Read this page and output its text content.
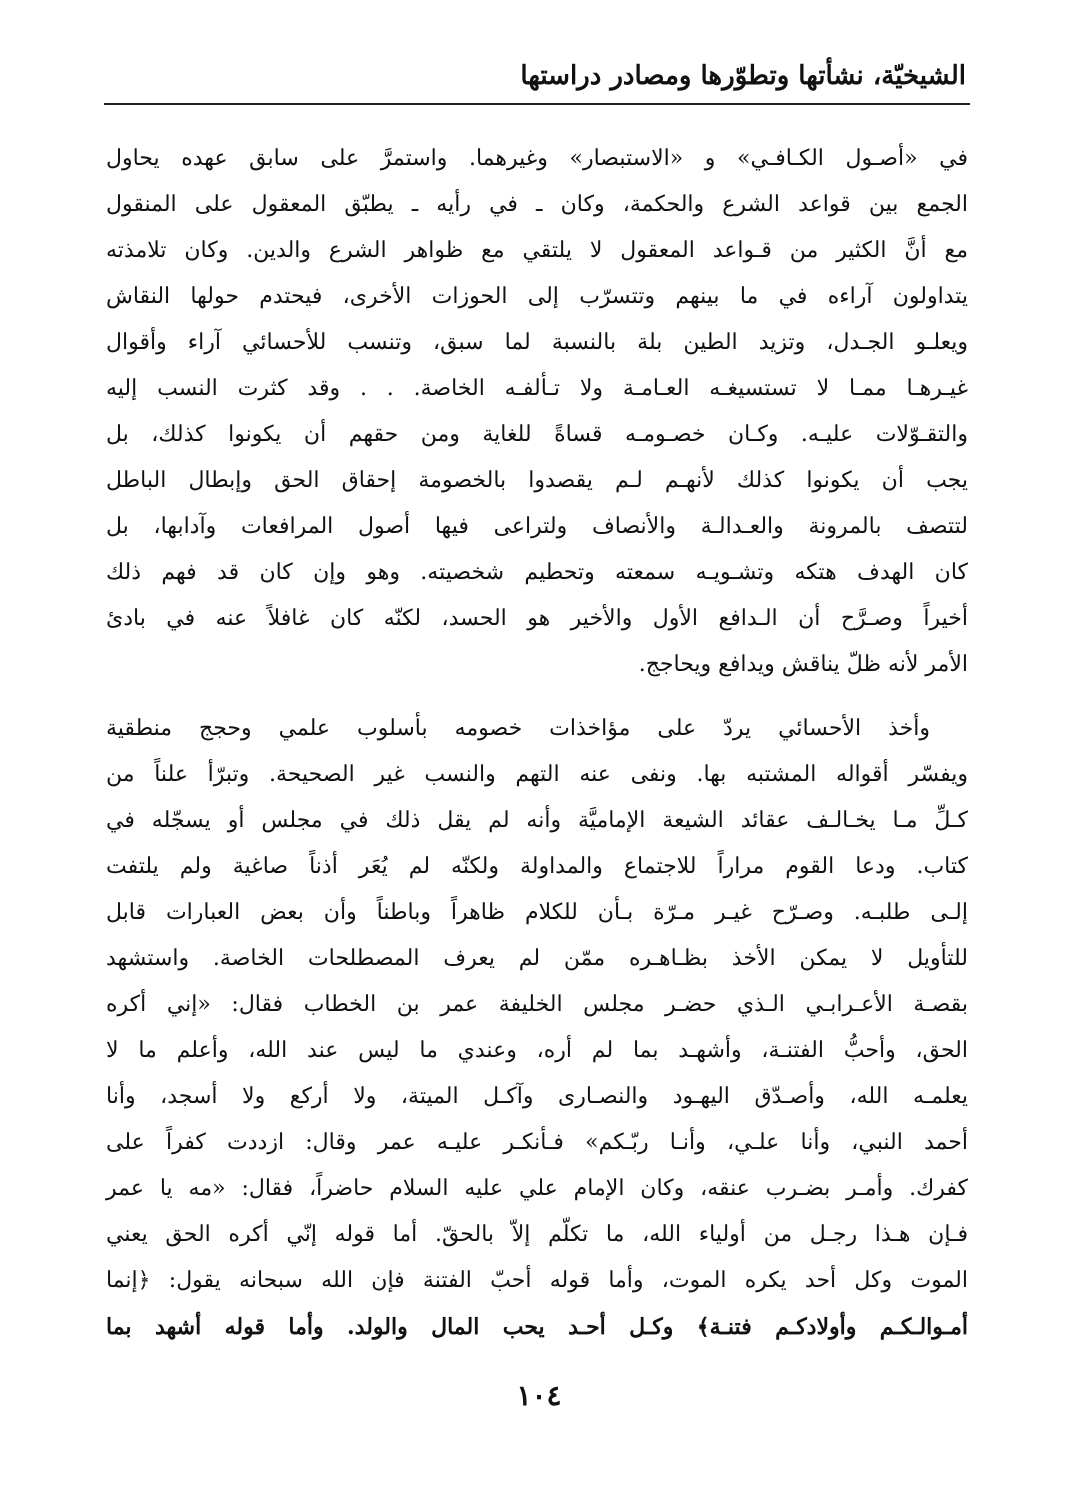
الشيخيّة، نشأتها وتطوّرها ومصادر دراستها
في «أصـول الكـافـي» و «الاستبصار» وغيرهما. واستمرَّ على سابق عهده يحاول
الجمع بين قواعد الشرع والحكمة، وكان ـ في رأيه ـ يطبّق المعقول على المنقول
مع أنَّ الكثير من قـواعد المعقول لا يلتقي مع ظواهر الشرع والدين. وكان تلامذته
يتداولون آراءه في ما بينهم وتتسرّب إلى الحوزات الأخرى، فيحتدم حولها النقاش
ويعلـو الجـدل، وتزيد الطين بلة بالنسبة لما سبق، وتنسب للأحسائي آراء وأقوال
غيـرهـا ممـا لا تستسيغـه العـامـة ولا تـألفـه الخاصة. . . وقد كثرت النسب إليه
والتقـوّلات عليـه. وكـان خصـومـه قساةً للغاية ومن حقهم أن يكونوا كذلك، بل
يجب أن يكونوا كذلك لأنهـم لـم يقصدوا بالخصومة إحقاق الحق وإبطال الباطل
لتتصف بالمرونة والعـدالـة والأنصاف ولتراعى فيها أصول المرافعات وآدابها، بل
كان الهدف هتكه وتشـويـه سمعته وتحطيم شخصيته. وهو وإن كان قد فهم ذلك
أخيراً وصـرَّح أن الـدافع الأول والأخير هو الحسد، لكنّه كان غافلاً عنه في بادئ
الأمر لأنه ظلّ يناقش ويدافع ويحاجج.
وأخذ الأحسائي يردّ على مؤاخذات خصومه بأسلوب علمي وحجج منطقية
ويفسّر أقواله المشتبه بها. ونفى عنه التهم والنسب غير الصحيحة. وتبرّأ علناً من
كـلِّ مـا يخـالـف عقائد الشيعة الإماميَّة وأنه لم يقل ذلك في مجلس أو يسجّله في
كتاب. ودعا القوم مراراً للاجتماع والمداولة ولكنّه لم يُعَر أذناً صاغية ولم يلتفت
إلـى طلبـه. وصـرّح غيـر مـرّة بـأن للكلام ظاهراً وباطناً وأن بعض العبارات قابل
للتأويل لا يمكن الأخذ بظـاهـره ممّن لم يعرف المصطلحات الخاصة. واستشهد
بقصـة الأعـرابـي الـذي حضـر مجلس الخليفة عمر بن الخطاب فقال: «إني أكره
الحق، وأحبُّ الفتنـة، وأشهـد بما لم أره، وعندي ما ليس عند الله، وأعلم ما لا
يعلمـه الله، وأصـدّق اليهـود والنصـارى وآكـل الميتة، ولا أركع ولا أسجد، وأنا
أحمد النبي، وأنا علـي، وأنـا ربّـكم» فـأنكـر عليـه عمر وقال: ازددت كفراً على
كفرك. وأمـر بضـرب عنقه، وكان الإمام علي عليه السلام حاضراً، فقال: «مه يا عمر
فـإن هـذا رجـل من أولياء الله، ما تكلّم إلاّ بالحقّ. أما قوله إنّي أكره الحق يعني
الموت وكل أحد يكره الموت، وأما قوله أحبّ الفتنة فإن الله سبحانه يقول: ﴿إنما
أمـوالـكـم وأولادكـم فتنـة﴾ وكـل أحـد يحب المال والولد. وأما قوله أشهد بما
١٠٤
